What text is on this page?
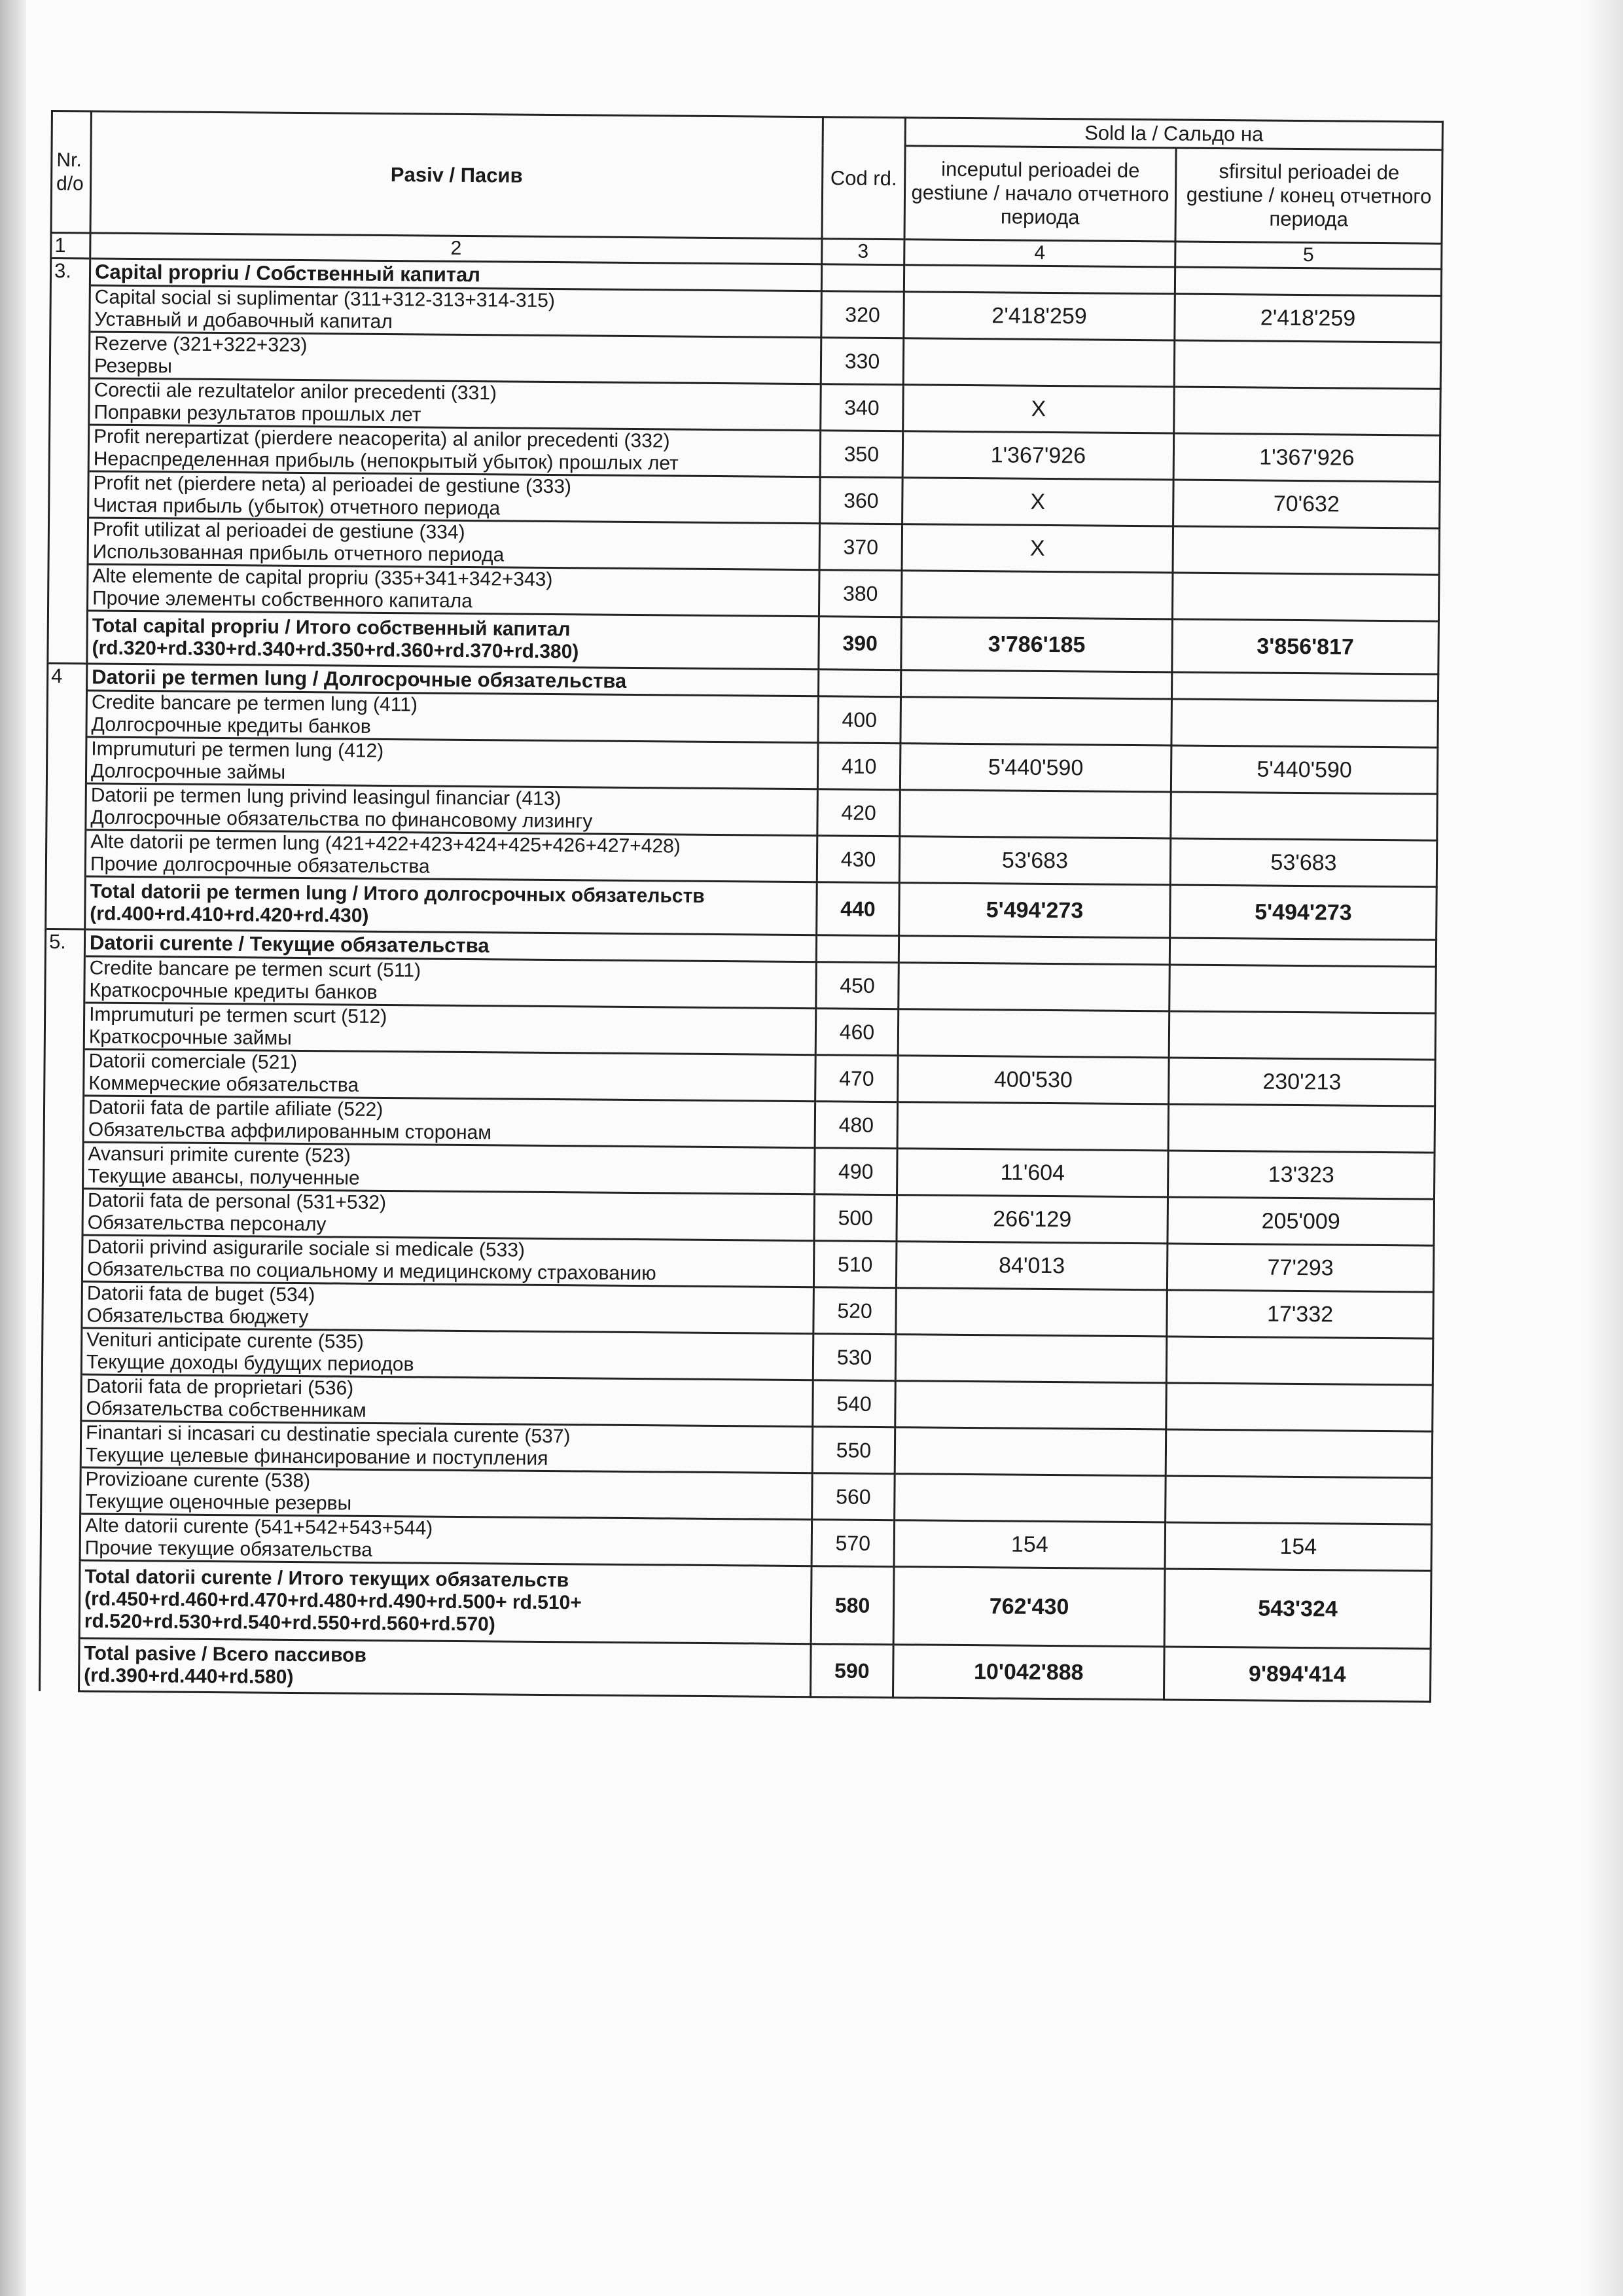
Nr. d/o	Pasiv / Пасив	Cod rd.	Sold la / Сальдо на	
			inceputul perioadei de gestiune / начало отчетного периода	sfirsitul perioadei de gestiune / конец отчетного периода
1	2	3	4	5
3.	Capital propriu / Собственный капитал			

	Capital social si suplimentar (311+312-313+314-315)
Уставный и добавочный капитал	320	2'418'259	2'418'259

	Rezerve (321+322+323)
Резервы	330		

	Corectii ale rezultatelor anilor precedenti (331)
Поправки результатов прошлых лет	340	X	

	Profit nerepartizat (pierdere neacoperita) al anilor precedenti (332)
Нераспределенная прибыль (непокрытый убыток) прошлых лет	350	1'367'926	1'367'926

	Profit net (pierdere neta) al perioadei de gestiune (333)
Чистая прибыль (убыток) отчетного периода	360	X	70'632

	Profit utilizat al perioadei de gestiune (334)
Использованная прибыль отчетного периода	370	X	

	Alte elemente de capital propriu (335+341+342+343)
Прочие элементы собственного капитала	380		

	Total capital propriu / Итого собственный капитал
(rd.320+rd.330+rd.340+rd.350+rd.360+rd.370+rd.380)	390	3'786'185	3'856'817
4	Datorii pe termen lung / Долгосрочные обязательства			

	Credite bancare pe termen lung (411)
Долгосрочные кредиты банков	400		

	Imprumuturi pe termen lung (412)
Долгосрочные займы	410	5'440'590	5'440'590

	Datorii pe termen lung privind leasingul financiar (413)
Долгосрочные обязательства по финансовому лизингу	420		

	Alte datorii pe termen lung (421+422+423+424+425+426+427+428)
Прочие долгосрочные обязательства	430	53'683	53'683

	Total datorii pe termen lung / Итого долгосрочных обязательств
(rd.400+rd.410+rd.420+rd.430)	440	5'494'273	5'494'273
5.	Datorii curente / Текущие обязательства			

	Credite bancare pe termen scurt (511)
Краткосрочные кредиты банков	450		

	Imprumuturi pe termen scurt (512)
Краткосрочные займы	460		

	Datorii comerciale (521)
Коммерческие обязательства	470	400'530	230'213

	Datorii fata de partile afiliate (522)
Обязательства аффилированным сторонам	480		

	Avansuri primite curente (523)
Текущие авансы, полученные	490	11'604	13'323

	Datorii fata de personal (531+532)
Обязательства персоналу	500	266'129	205'009

	Datorii privind asigurarile sociale si medicale (533)
Обязательства по социальному и медицинскому страхованию	510	84'013	77'293

	Datorii fata de buget (534)
Обязательства бюджету	520		17'332

	Venituri anticipate curente (535)
Текущие доходы будущих периодов	530		

	Datorii fata de proprietari (536)
Обязательства собственникам	540		

	Finantari si incasari cu destinatie speciala curente (537)
Текущие целевые финансирование и поступления	550		

	Provizioane curente (538)
Текущие оценочные резервы	560		

	Alte datorii curente (541+542+543+544)
Прочие текущие обязательства	570	154	154

	Total datorii curente / Итого текущих обязательств
(rd.450+rd.460+rd.470+rd.480+rd.490+rd.500+ rd.510+
rd.520+rd.530+rd.540+rd.550+rd.560+rd.570)	580	762'430	543'324

	Total pasive / Всего пассивов
(rd.390+rd.440+rd.580)	590	10'042'888	9'894'414
